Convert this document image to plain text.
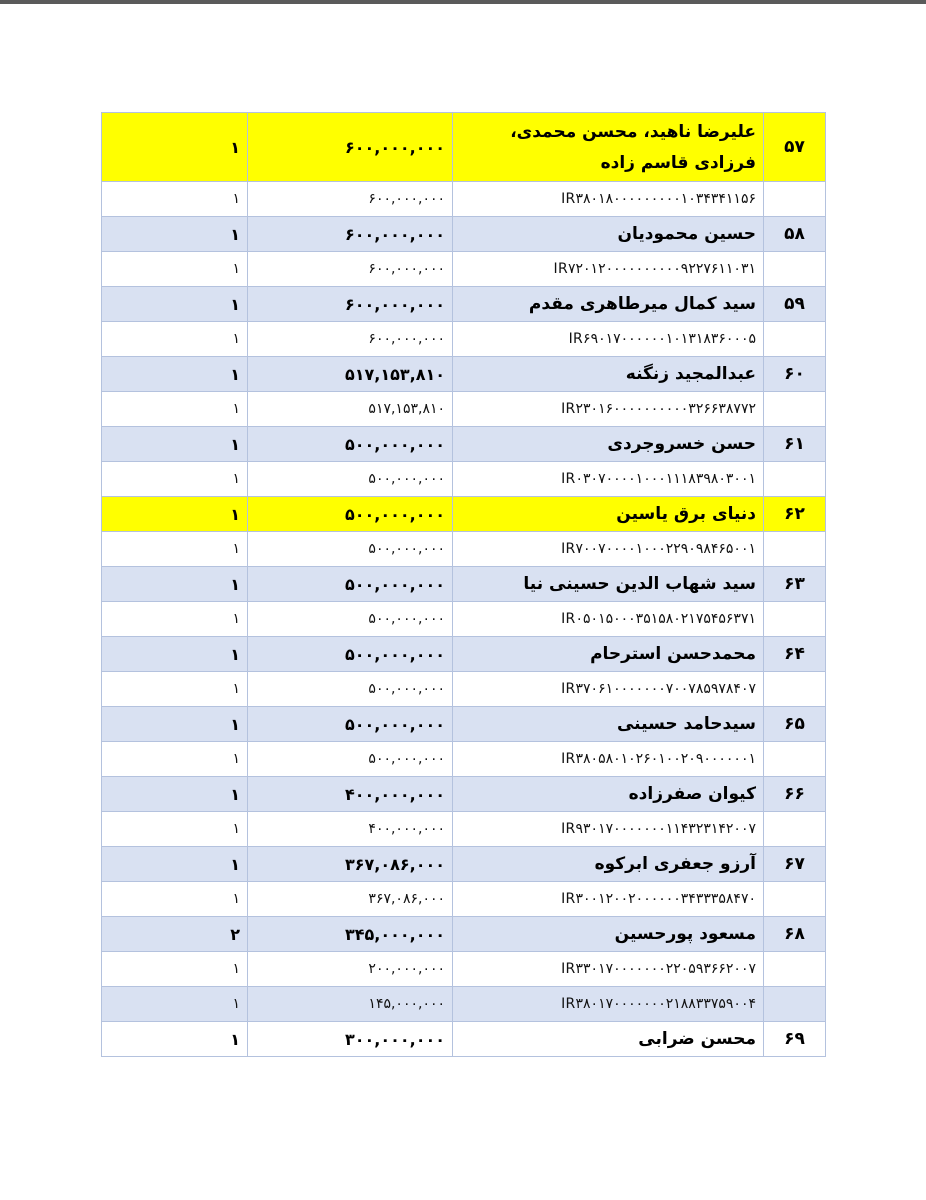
۱	۶۰۰,۰۰۰,۰۰۰	علیرضا ناهید، محسن محمدی، فرزادی قاسم زاده	۵۷
۱	۶۰۰,۰۰۰,۰۰۰	IR۳۸۰۱۸۰۰۰۰۰۰۰۰۰۱۰۳۴۳۴۱۱۵۶	
۱	۶۰۰,۰۰۰,۰۰۰	حسین محمودیان	۵۸
۱	۶۰۰,۰۰۰,۰۰۰	IR۷۲۰۱۲۰۰۰۰۰۰۰۰۰۰۹۲۲۷۶۱۱۰۳۱	
۱	۶۰۰,۰۰۰,۰۰۰	سید کمال میرطاهری مقدم	۵۹
۱	۶۰۰,۰۰۰,۰۰۰	IR۶۹۰۱۷۰۰۰۰۰۰۱۰۱۳۱۸۳۶۰۰۰۵	
۱	۵۱۷,۱۵۳,۸۱۰	عبدالمجید زنگنه	۶۰
۱	۵۱۷,۱۵۳,۸۱۰	IR۲۳۰۱۶۰۰۰۰۰۰۰۰۰۰۳۲۶۶۳۸۷۷۲	
۱	۵۰۰,۰۰۰,۰۰۰	حسن خسروجردی	۶۱
۱	۵۰۰,۰۰۰,۰۰۰	IR۰۳۰۷۰۰۰۰۱۰۰۰۱۱۱۸۳۹۸۰۳۰۰۱	
۱	۵۰۰,۰۰۰,۰۰۰	دنیای برق یاسین	۶۲
۱	۵۰۰,۰۰۰,۰۰۰	IR۷۰۰۷۰۰۰۰۱۰۰۰۲۲۹۰۹۸۴۶۵۰۰۱	
۱	۵۰۰,۰۰۰,۰۰۰	سید شهاب الدین حسینی نیا	۶۳
۱	۵۰۰,۰۰۰,۰۰۰	IR۰۵۰۱۵۰۰۰۳۵۱۵۸۰۲۱۷۵۴۵۶۳۷۱	
۱	۵۰۰,۰۰۰,۰۰۰	محمدحسن استرحام	۶۴
۱	۵۰۰,۰۰۰,۰۰۰	IR۳۷۰۶۱۰۰۰۰۰۰۰۷۰۰۷۸۵۹۷۸۴۰۷	
۱	۵۰۰,۰۰۰,۰۰۰	سیدحامد حسینی	۶۵
۱	۵۰۰,۰۰۰,۰۰۰	IR۳۸۰۵۸۰۱۰۲۶۰۱۰۰۲۰۹۰۰۰۰۰۰۱	
۱	۴۰۰,۰۰۰,۰۰۰	کیوان صفرزاده	۶۶
۱	۴۰۰,۰۰۰,۰۰۰	IR۹۳۰۱۷۰۰۰۰۰۰۰۱۱۴۳۲۳۱۴۲۰۰۷	
۱	۳۶۷,۰۸۶,۰۰۰	آرزو جعفری ابرکوه	۶۷
۱	۳۶۷,۰۸۶,۰۰۰	IR۳۰۰۱۲۰۰۲۰۰۰۰۰۰۳۴۳۳۳۵۸۴۷۰	
۲	۳۴۵,۰۰۰,۰۰۰	مسعود پورحسین	۶۸
۱	۲۰۰,۰۰۰,۰۰۰	IR۳۳۰۱۷۰۰۰۰۰۰۰۲۲۰۵۹۳۶۶۲۰۰۷	
۱	۱۴۵,۰۰۰,۰۰۰	IR۳۸۰۱۷۰۰۰۰۰۰۰۲۱۸۸۳۳۷۵۹۰۰۴	
۱	۳۰۰,۰۰۰,۰۰۰	محسن ضرابی	۶۹
